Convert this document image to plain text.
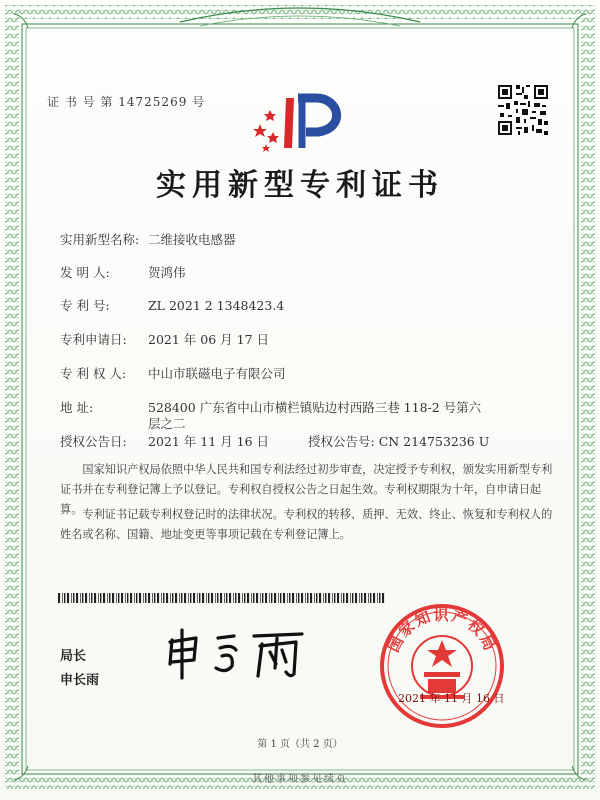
证 书 号 第 14725269 号
实用新型专利证书
实用新型名称: 二维接收电感器
发 明 人:	贺鸿伟
专 利 号:	ZL 2021 2 1348423.4
专利申请日: 2021 年 06 月 17 日
专 利 权 人: 中山市联磁电子有限公司
地 址:	528400 广东省中山市横栏镇贴边村西路三巷 118-2 号第六
层之二
授权公告日: 2021 年 11 月 16 日	授权公告号: CN 214753236 U
国家知识产权局依照中华人民共和国专利法经过初步审查，决定授予专利权，颁发实用新型专利证书并在专利登记簿上予以登记。专利权自授权公告之日起生效。专利权期限为十年，自申请日起算。 专利证书记载专利权登记时的法律状况。专利权的转移、质押、无效、终止、恢复和专利权人的姓名或名称、国籍、地址变更等事项记载在专利登记簿上。
局长
申长雨
国家知识产权局
2021 年 11 月 16 日
第 1 页（共 2 页）
其他事项参见续页
